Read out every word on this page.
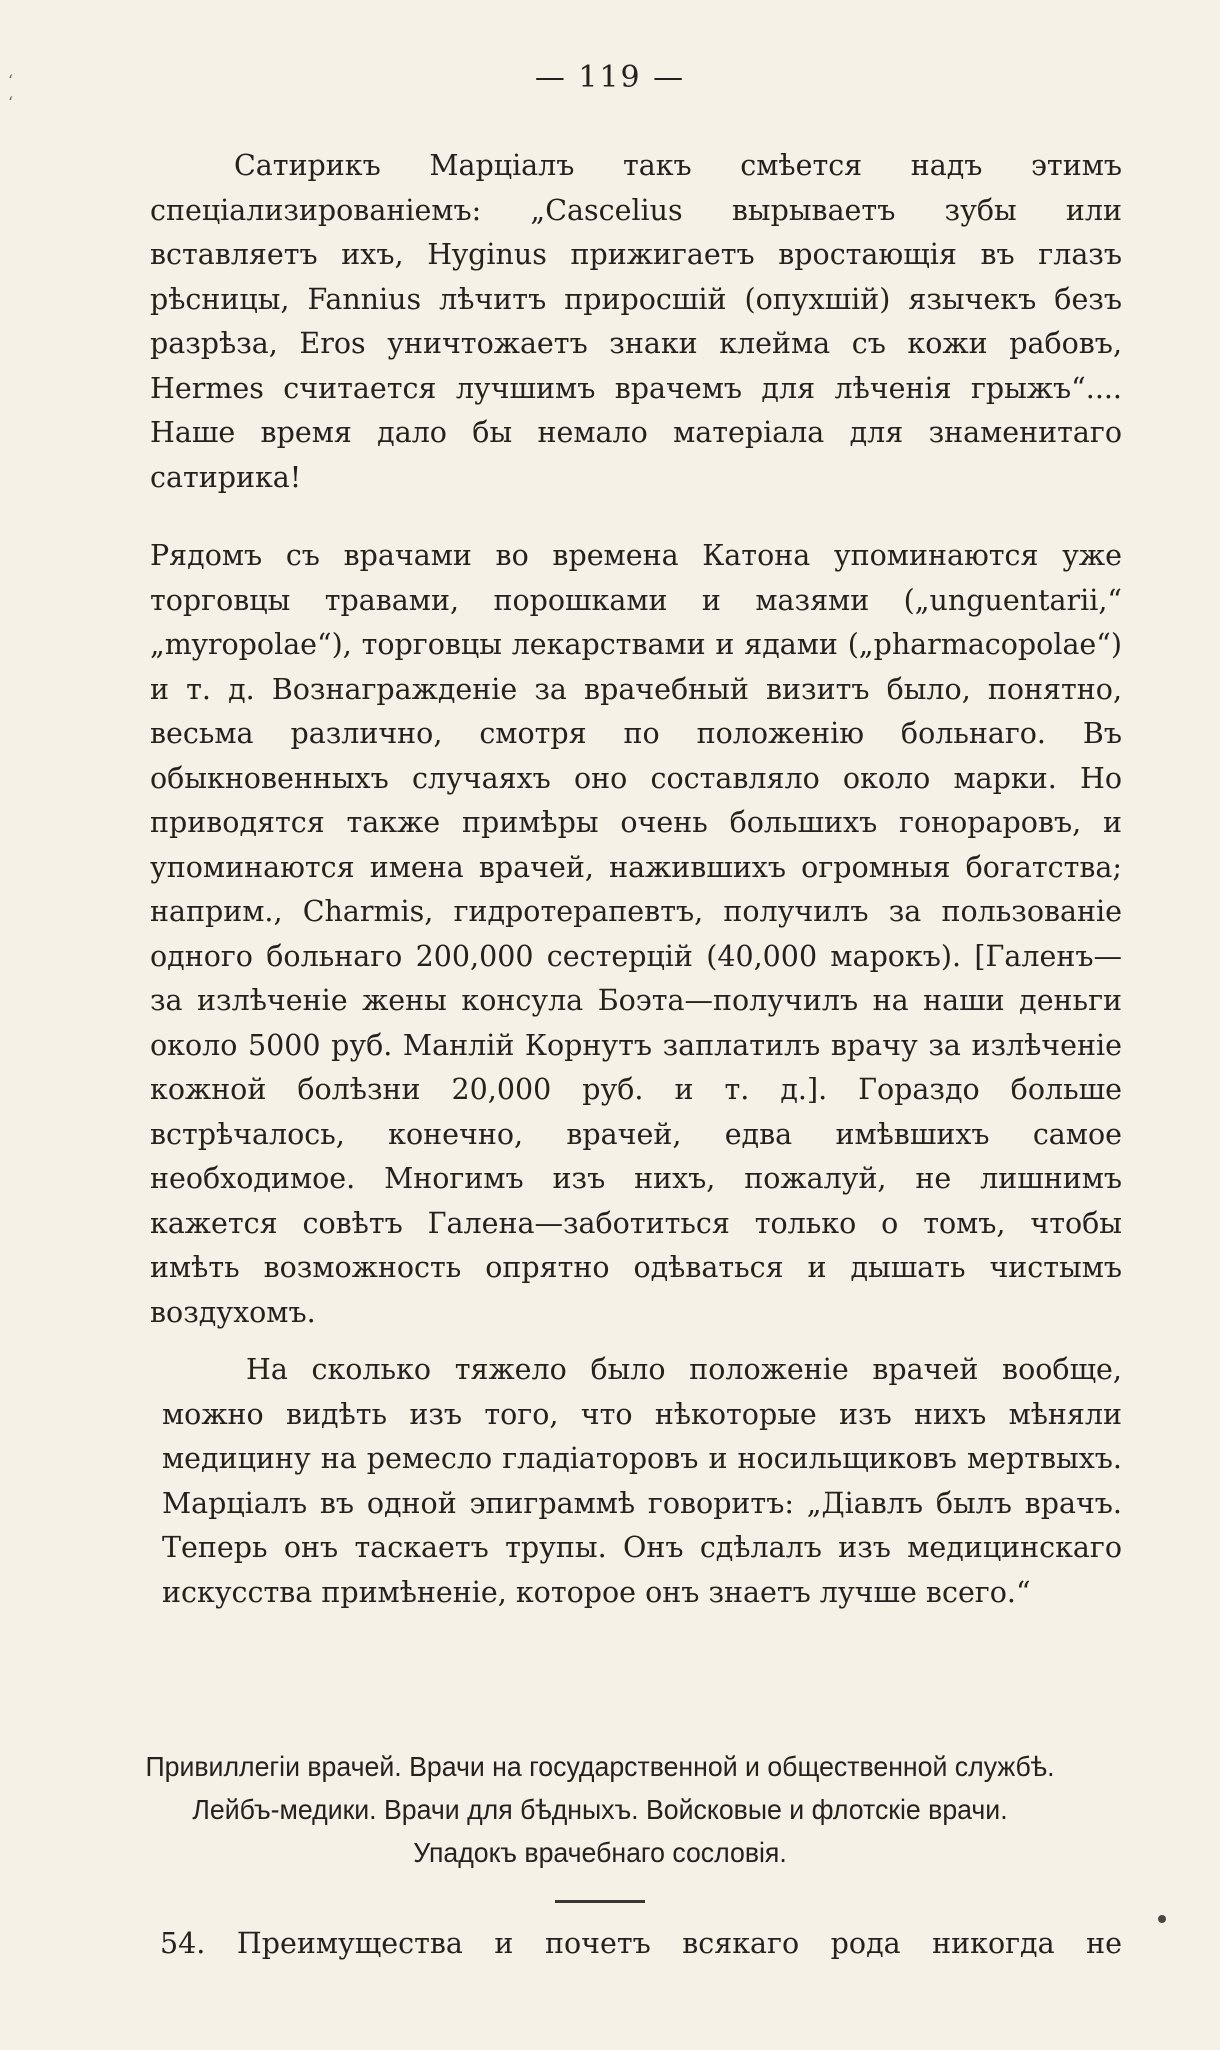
‘
‘
— 119 —

Сатирикъ Марціалъ такъ смѣется надъ этимъ спеціализированіемъ: „Cascelius вырываетъ зубы или вставляетъ ихъ, Hyginus прижигаетъ вростающія въ глазъ рѣсницы, Fannius лѣчитъ приросшій (опухшій) язычекъ безъ разрѣза, Eros уничтожаетъ знаки клейма съ кожи рабовъ, Hermes считается лучшимъ врачемъ для лѣченія грыжъ“.... Наше время дало бы немало матеріала для знаменитаго сатирика!

Рядомъ съ врачами во времена Катона упоминаются уже торговцы травами, порошками и мазями („unguentarii,“ „myropolae“), торговцы лекарствами и ядами („pharmacopolae“) и т. д. Вознагражденіе за врачебный визитъ было, понятно, весьма различно, смотря по положенію больнаго. Въ обыкновенныхъ случаяхъ оно составляло около марки. Но приводятся также примѣры очень большихъ гонораровъ, и упоминаются имена врачей, нажившихъ огромныя богатства; наприм., Charmis, гидротерапевтъ, получилъ за пользованіе одного больнаго 200,000 сестерцій (40,000 марокъ). [Галенъ—за излѣченіе жены консула Боэта—получилъ на наши деньги около 5000 руб. Манлій Корнутъ заплатилъ врачу за излѣченіе кожной болѣзни 20,000 руб. и т. д.]. Гораздо больше встрѣчалось, конечно, врачей, едва имѣвшихъ самое необходимое. Многимъ изъ нихъ, пожалуй, не лишнимъ кажется совѣтъ Галена—заботиться только о томъ, чтобы имѣть возможность опрятно одѣваться и дышать чистымъ воздухомъ.

На сколько тяжело было положеніе врачей вообще, можно видѣть изъ того, что нѣкоторые изъ нихъ мѣняли медицину на ремесло гладіаторовъ и носильщиковъ мертвыхъ. Марціалъ въ одной эпиграммѣ говоритъ: „Діавлъ былъ врачъ. Теперь онъ таскаетъ трупы. Онъ сдѣлалъ изъ медицинскаго искусства примѣненіе, которое онъ знаетъ лучше всего.“

Привиллегіи врачей. Врачи на государственной и общественной службѣ.
Лейбъ-медики. Врачи для бѣдныхъ. Войсковые и флотскіе врачи.
Упадокъ врачебнаго сословія.

54. Преимущества и почетъ всякаго рода никогда не
